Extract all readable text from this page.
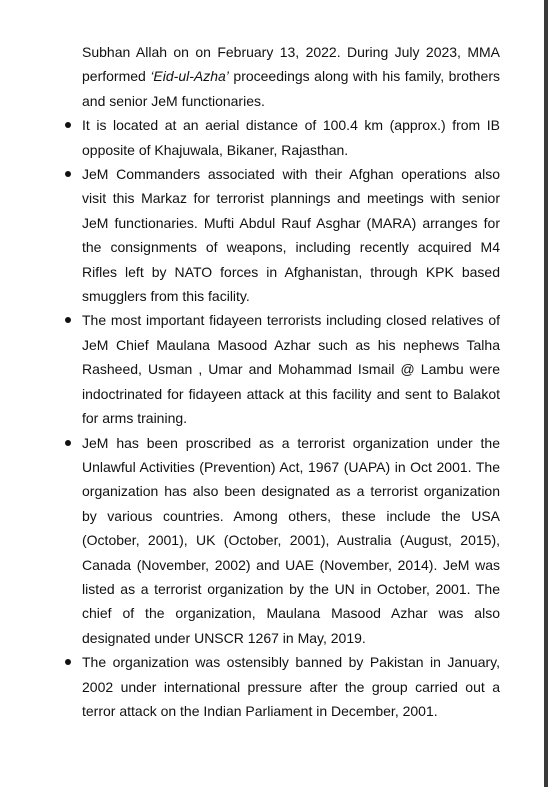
Subhan Allah on on February 13, 2022. During July 2023, MMA performed ‘Eid-ul-Azha’ proceedings along with his family, brothers and senior JeM functionaries.

It is located at an aerial distance of 100.4 km (approx.) from IB opposite of Khajuwala, Bikaner, Rajasthan.
JeM Commanders associated with their Afghan operations also visit this Markaz for terrorist plannings and meetings with senior JeM functionaries. Mufti Abdul Rauf Asghar (MARA) arranges for the consignments of weapons, including recently acquired M4 Rifles left by NATO forces in Afghanistan, through KPK based smugglers from this facility.
The most important fidayeen terrorists including closed relatives of JeM Chief Maulana Masood Azhar such as his nephews Talha Rasheed, Usman , Umar and Mohammad Ismail @ Lambu were indoctrinated for fidayeen attack at this facility and sent to Balakot for arms training.
JeM has been proscribed as a terrorist organization under the Unlawful Activities (Prevention) Act, 1967 (UAPA) in Oct 2001. The organization has also been designated as a terrorist organization by various countries. Among others, these include the USA (October, 2001), UK (October, 2001), Australia (August, 2015), Canada (November, 2002) and UAE (November, 2014). JeM was listed as a terrorist organization by the UN in October, 2001. The chief of the organization, Maulana Masood Azhar was also designated under UNSCR 1267 in May, 2019.
The organization was ostensibly banned by Pakistan in January, 2002 under international pressure after the group carried out a terror attack on the Indian Parliament in December, 2001.
